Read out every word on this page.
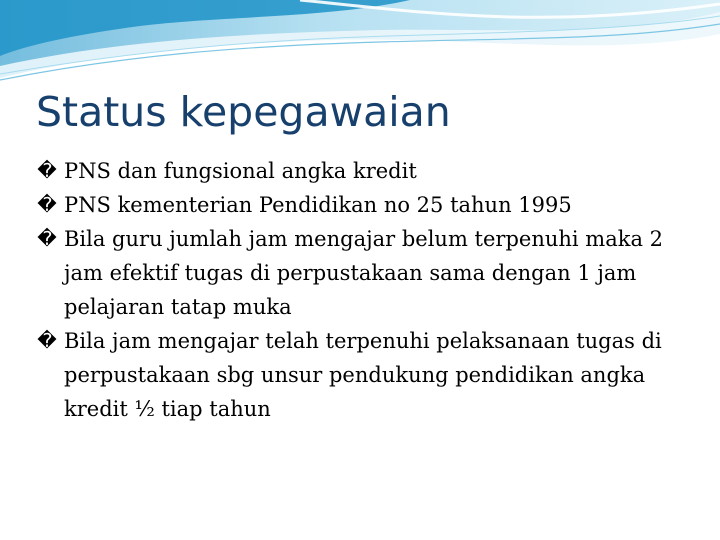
Status kepegawaian
� PNS dan fungsional angka kredit
� PNS kementerian Pendidikan no 25 tahun 1995
� Bila guru jumlah jam mengajar belum terpenuhi maka 2 jam efektif tugas di perpustakaan sama dengan 1 jam pelajaran tatap muka
� Bila jam mengajar telah terpenuhi pelaksanaan tugas di perpustakaan sbg unsur pendukung pendidikan angka kredit ½ tiap tahun
